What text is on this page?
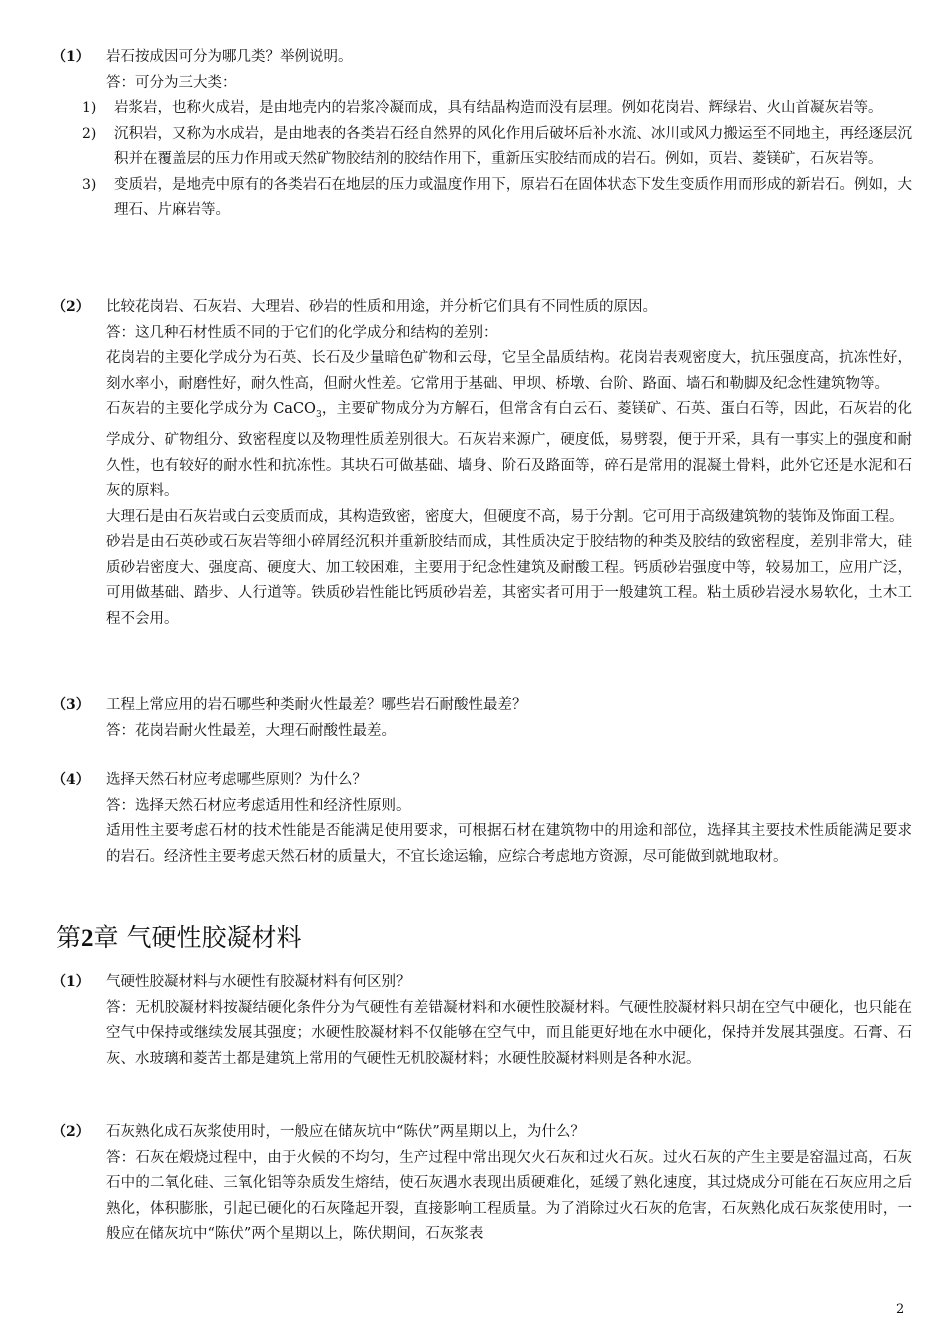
（1） 岩石按成因可分为哪几类？举例说明。
答：可分为三大类：
1) 岩浆岩，也称火成岩，是由地壳内的岩浆冷凝而成，具有结晶构造而没有层理。例如花岗岩、辉绿岩、火山首凝灰岩等。
2) 沉积岩，又称为水成岩，是由地表的各类岩石经自然界的风化作用后破坏后补水流、冰川或风力搬运至不同地主，再经逐层沉积并在覆盖层的压力作用或天然矿物胶结剂的胶结作用下，重新压实胶结而成的岩石。例如，页岩、菱镁矿，石灰岩等。
3) 变质岩，是地壳中原有的各类岩石在地层的压力或温度作用下，原岩石在固体状态下发生变质作用而形成的新岩石。例如，大理石、片麻岩等。
（2） 比较花岗岩、石灰岩、大理岩、砂岩的性质和用途，并分析它们具有不同性质的原因。
答：这几种石材性质不同的于它们的化学成分和结构的差别：
花岗岩的主要化学成分为石英、长石及少量暗色矿物和云母，它呈全晶质结构。花岗岩表观密度大，抗压强度高，抗冻性好，刻水率小，耐磨性好，耐久性高，但耐火性差。它常用于基础、甲坝、桥墩、台阶、路面、墙石和勒脚及纪念性建筑物等。
石灰岩的主要化学成分为 CaCO$_3$，主要矿物成分为方解石，但常含有白云石、菱镁矿、石英、蛋白石等，因此，石灰岩的化学成分、矿物组分、致密程度以及物理性质差别很大。石灰岩来源广，硬度低，易劈裂，便于开采，具有一事实上的强度和耐久性，也有较好的耐水性和抗冻性。其块石可做基础、墙身、阶石及路面等，碎石是常用的混凝土骨料，此外它还是水泥和石灰的原料。
大理石是由石灰岩或白云变质而成，其构造致密，密度大，但硬度不高，易于分割。它可用于高级建筑物的装饰及饰面工程。
砂岩是由石英砂或石灰岩等细小碎屑经沉积并重新胶结而成，其性质决定于胶结物的种类及胶结的致密程度，差别非常大，硅质砂岩密度大、强度高、硬度大、加工较困难，主要用于纪念性建筑及耐酸工程。钙质砂岩强度中等，较易加工，应用广泛，可用做基础、踏步、人行道等。铁质砂岩性能比钙质砂岩差，其密实者可用于一般建筑工程。粘土质砂岩浸水易软化，土木工程不会用。
（3） 工程上常应用的岩石哪些种类耐火性最差？哪些岩石耐酸性最差？
答：花岗岩耐火性最差，大理石耐酸性最差。
（4） 选择天然石材应考虑哪些原则？为什么？
答：选择天然石材应考虑适用性和经济性原则。
适用性主要考虑石材的技术性能是否能满足使用要求，可根据石材在建筑物中的用途和部位，选择其主要技术性质能满足要求的岩石。经济性主要考虑天然石材的质量大，不宜长途运输，应综合考虑地方资源，尽可能做到就地取材。
第2章 气硬性胶凝材料
（1） 气硬性胶凝材料与水硬性有胶凝材料有何区别？
答：无机胶凝材料按凝结硬化条件分为气硬性有差错凝材料和水硬性胶凝材料。气硬性胶凝材料只胡在空气中硬化，也只能在空气中保持或继续发展其强度；水硬性胶凝材料不仅能够在空气中，而且能更好地在水中硬化，保持并发展其强度。石膏、石灰、水玻璃和菱苦土都是建筑上常用的气硬性无机胶凝材料；水硬性胶凝材料则是各种水泥。
（2） 石灰熟化成石灰浆使用时，一般应在储灰坑中“陈伏”两星期以上，为什么？
答：石灰在煅烧过程中，由于火候的不均匀，生产过程中常出现欠火石灰和过火石灰。过火石灰的产生主要是窑温过高，石灰石中的二氧化硅、三氧化铝等杂质发生熔结，使石灰遇水表现出质硬难化，延缓了熟化速度，其过烧成分可能在石灰应用之后熟化，体积膨胀，引起已硬化的石灰隆起开裂，直接影响工程质量。为了消除过火石灰的危害，石灰熟化成石灰浆使用时，一般应在储灰坑中“陈伏”两个星期以上，陈伏期间，石灰浆表
2
